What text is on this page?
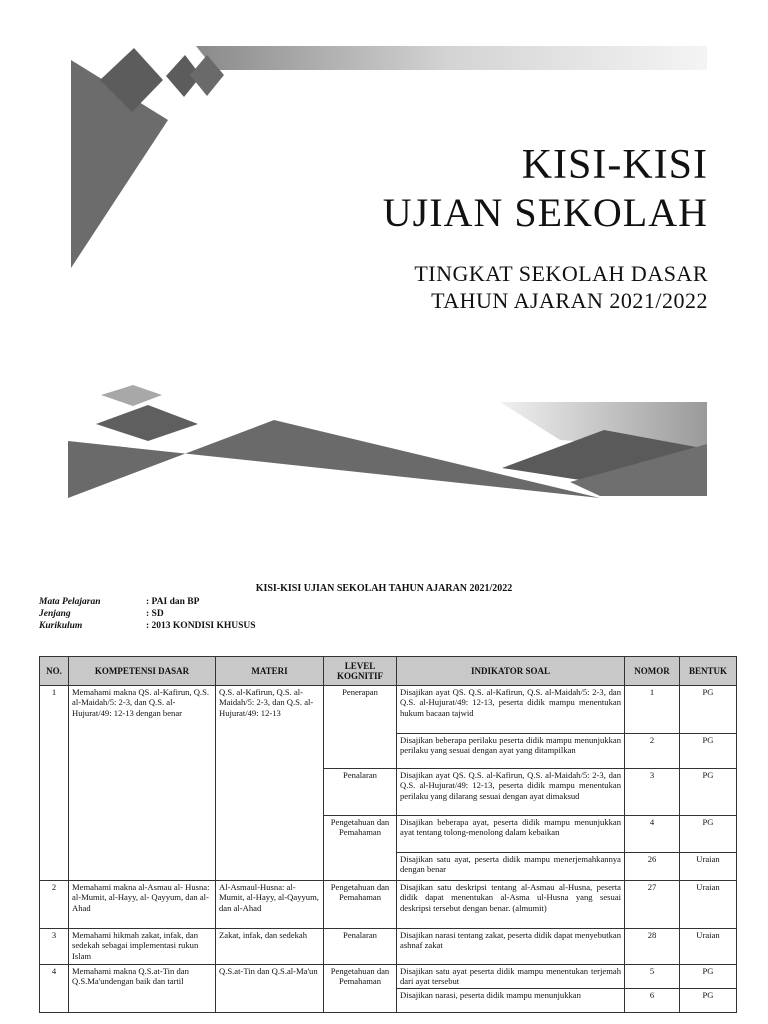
KISI-KISI
UJIAN SEKOLAH
TINGKAT SEKOLAH DASAR
TAHUN AJARAN 2021/2022
KISI-KISI UJIAN SEKOLAH TAHUN AJARAN 2021/2022
Mata Pelajaran	: PAI dan BP
Jenjang	: SD
Kurikulum	: 2013 KONDISI KHUSUS
NO.	KOMPETENSI DASAR	MATERI	LEVEL KOGNITIF	INDIKATOR SOAL	NOMOR	BENTUK
1	Memahami makna QS. al-Kafirun, Q.S. al-Maidah/5: 2-3, dan Q.S. al-Hujurat/49: 12-13 dengan benar	Q.S. al-Kafirun, Q.S. al-Maidah/5: 2-3, dan Q.S. al-Hujurat/49: 12-13	Penerapan	Disajikan ayat QS. Q.S. al-Kafirun, Q.S. al-Maidah/5: 2-3, dan Q.S. al-Hujurat/49: 12-13, peserta didik mampu menentukan hukum bacaan tajwid	1	PG
				Disajikan beberapa perilaku peserta didik mampu menunjukkan perilaku yang sesuai dengan ayat yang ditampilkan	2	PG
			Penalaran	Disajikan ayat QS. Q.S. al-Kafirun, Q.S. al-Maidah/5: 2-3, dan Q.S. al-Hujurat/49: 12-13, peserta didik mampu menentukan perilaku yang dilarang sesuai dengan ayat dimaksud	3	PG
			Pengetahuan dan Pemahaman	Disajikan beberapa ayat, peserta didik mampu menunjukkan ayat tentang tolong-menolong dalam kebaikan	4	PG
				Disajikan satu ayat, peserta didik mampu menerjemahkannya dengan benar	26	Uraian
2	Memahami makna al-Asmau al- Husna: al-Mumit, al-Hayy, al- Qayyum, dan al-Ahad	Al-Asmaul-Husna: al-Mumit, al-Hayy, al-Qayyum, dan al-Ahad	Pengetahuan dan Pemahaman	Disajikan satu deskripsi tentang al-Asmau al-Husna, peserta didik dapat menentukan al-Asma ul-Husna yang sesuai deskripsi tersebut dengan benar. (almumit)	27	Uraian
3	Memahami hikmah zakat, infak, dan sedekah sebagai implementasi rukun Islam	Zakat, infak, dan sedekah	Penalaran	Disajikan narasi tentang zakat, peserta didik dapat menyebutkan ashnaf zakat	28	Uraian
4	Memahami makna Q.S.at-Tin dan Q.S.Ma'undengan baik dan tartil	Q.S.at-Tin dan Q.S.al-Ma'un	Pengetahuan dan Pemahaman	Disajikan satu ayat peserta didik mampu menentukan terjemah dari ayat tersebut	5	PG
				Disajikan narasi, peserta didik mampu menunjukkan	6	PG
